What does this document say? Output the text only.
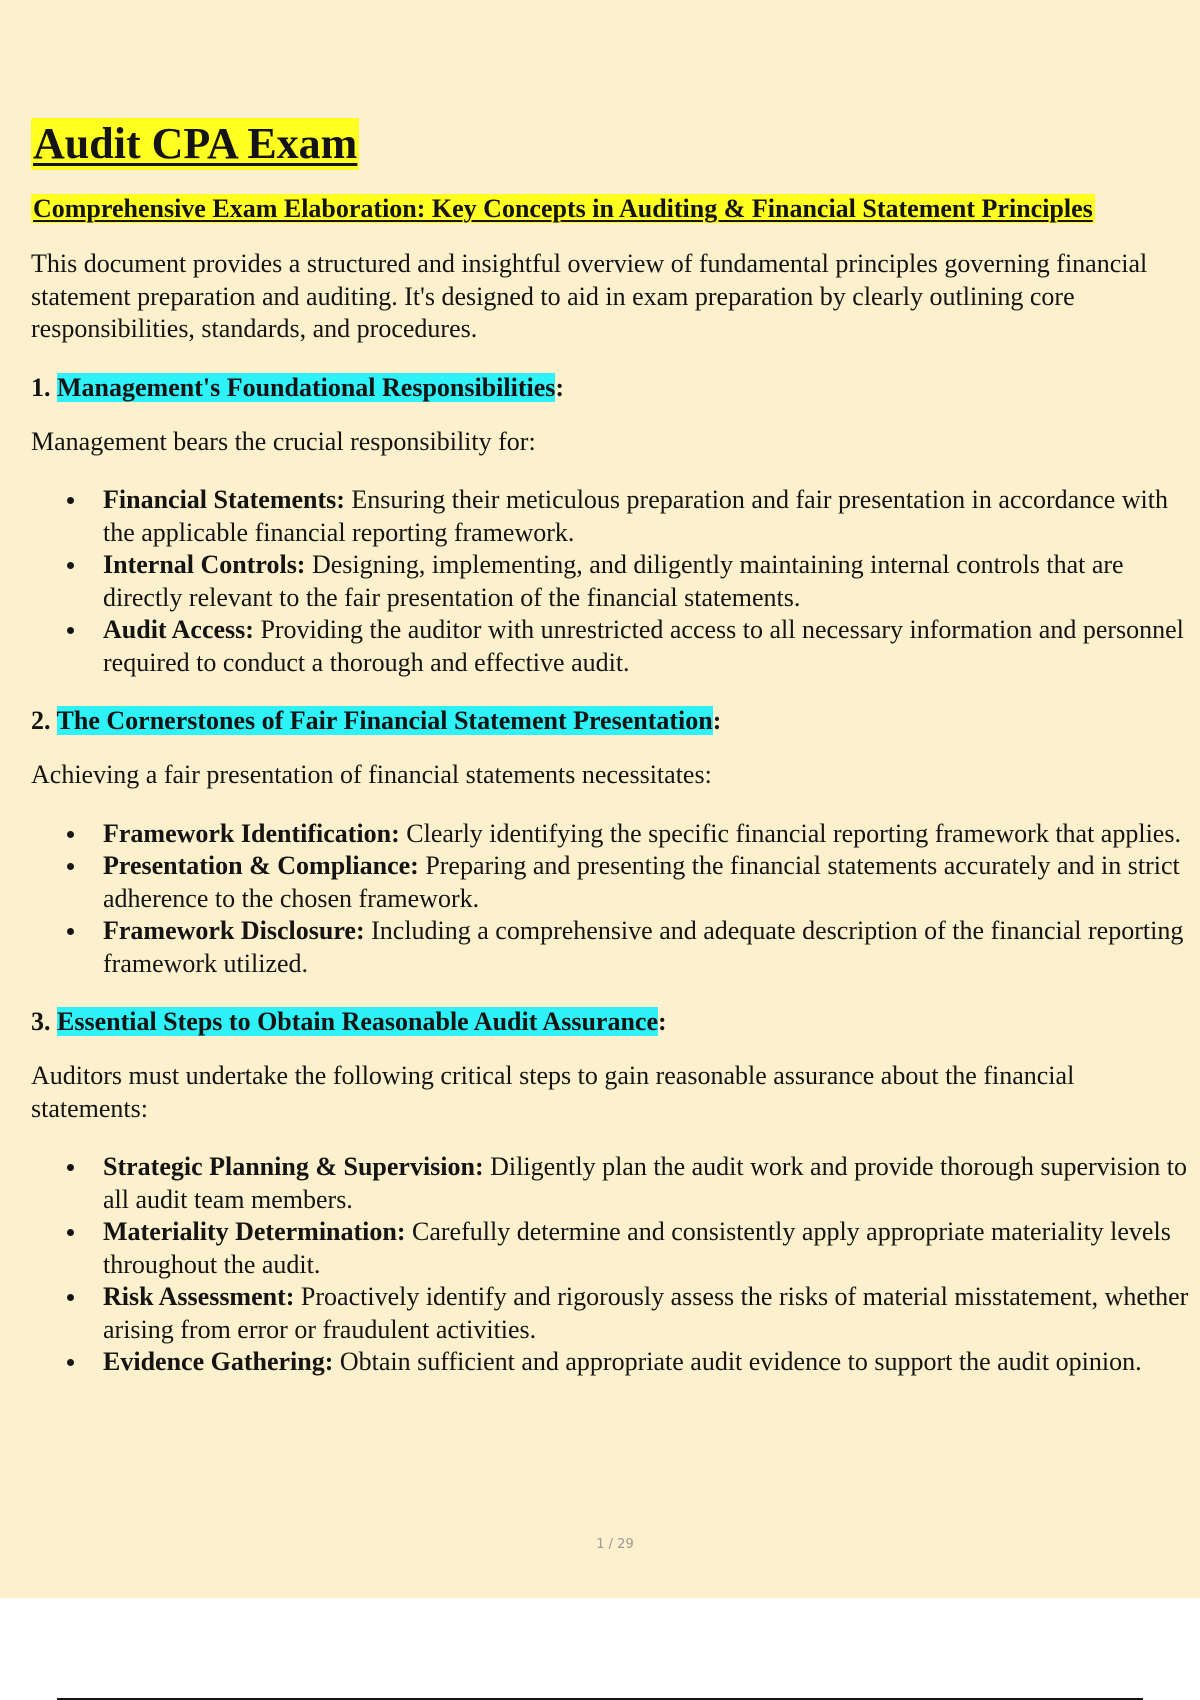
Audit CPA Exam

Comprehensive Exam Elaboration: Key Concepts in Auditing & Financial Statement Principles

This document provides a structured and insightful overview of fundamental principles governing financial statement preparation and auditing. It's designed to aid in exam preparation by clearly outlining core responsibilities, standards, and procedures.

1. Management's Foundational Responsibilities:

Management bears the crucial responsibility for:

Financial Statements: Ensuring their meticulous preparation and fair presentation in accordance with the applicable financial reporting framework.
Internal Controls: Designing, implementing, and diligently maintaining internal controls that are directly relevant to the fair presentation of the financial statements.
Audit Access: Providing the auditor with unrestricted access to all necessary information and personnel required to conduct a thorough and effective audit.

2. The Cornerstones of Fair Financial Statement Presentation:

Achieving a fair presentation of financial statements necessitates:

Framework Identification: Clearly identifying the specific financial reporting framework that applies.
Presentation & Compliance: Preparing and presenting the financial statements accurately and in strict adherence to the chosen framework.
Framework Disclosure: Including a comprehensive and adequate description of the financial reporting framework utilized.

3. Essential Steps to Obtain Reasonable Audit Assurance:

Auditors must undertake the following critical steps to gain reasonable assurance about the financial statements:

Strategic Planning & Supervision: Diligently plan the audit work and provide thorough supervision to all audit team members.
Materiality Determination: Carefully determine and consistently apply appropriate materiality levels throughout the audit.
Risk Assessment: Proactively identify and rigorously assess the risks of material misstatement, whether arising from error or fraudulent activities.
Evidence Gathering: Obtain sufficient and appropriate audit evidence to support the audit opinion.
1 / 29
